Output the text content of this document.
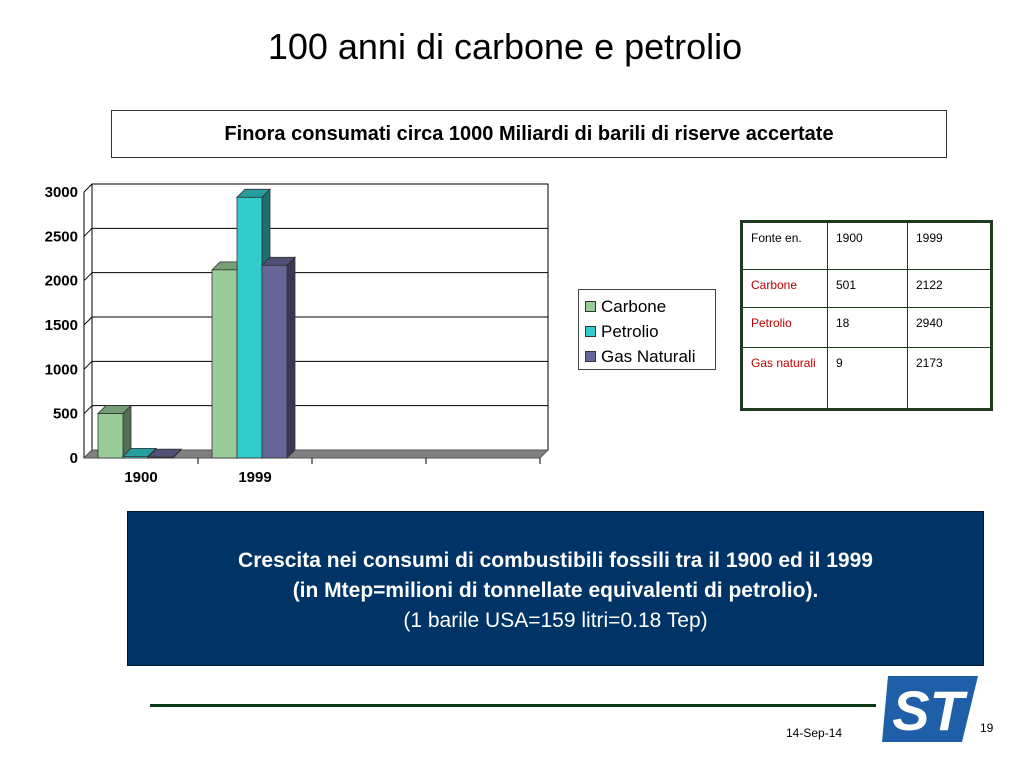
100 anni di carbone e petrolio
Finora consumati circa 1000 Miliardi di barili di riserve accertate
0
500
1000
1500
2000
2500
3000
1900	1999
Carbone
Petrolio
Gas Naturali
Fonte en.	1900	1999
Carbone	501	2122
Petrolio	18	2940
Gas naturali	9	2173
Crescita nei consumi di combustibili fossili tra il 1900 ed il 1999
(in Mtep=milioni di tonnellate equivalenti di petrolio).
(1 barile USA=159 litri=0.18 Tep)
14-Sep-14 ST	19
